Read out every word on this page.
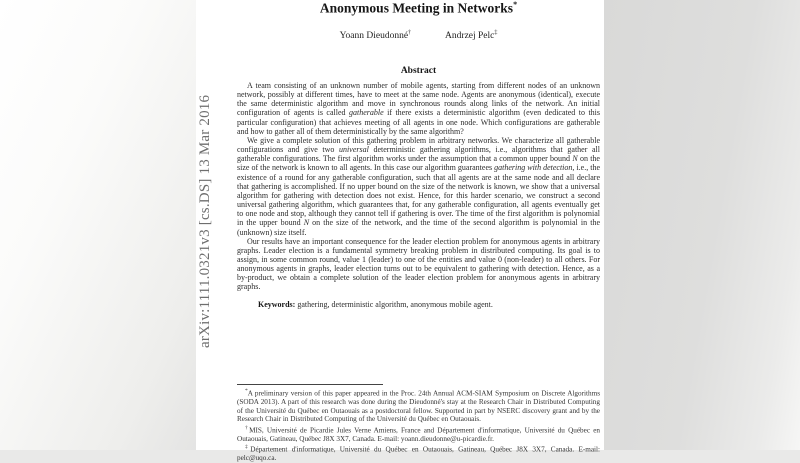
arXiv:1111.0321v3 [cs.DS] 13 Mar 2016
Anonymous Meeting in Networks*
Yoann Dieudonné†	Andrzej Pelc‡
Abstract

A team consisting of an unknown number of mobile agents, starting from different nodes of an unknown network, possibly at different times, have to meet at the same node. Agents are anonymous (identical), execute the same deterministic algorithm and move in synchronous rounds along links of the network. An initial configuration of agents is called gatherable if there exists a deterministic algorithm (even dedicated to this particular configuration) that achieves meeting of all agents in one node. Which configurations are gatherable and how to gather all of them deterministically by the same algorithm?

We give a complete solution of this gathering problem in arbitrary networks. We characterize all gatherable configurations and give two universal deterministic gathering algorithms, i.e., algorithms that gather all gatherable configurations. The first algorithm works under the assumption that a common upper bound N on the size of the network is known to all agents. In this case our algorithm guarantees gathering with detection, i.e., the existence of a round for any gatherable configuration, such that all agents are at the same node and all declare that gathering is accomplished. If no upper bound on the size of the network is known, we show that a universal algorithm for gathering with detection does not exist. Hence, for this harder scenario, we construct a second universal gathering algorithm, which guarantees that, for any gatherable configuration, all agents eventually get to one node and stop, although they cannot tell if gathering is over. The time of the first algorithm is polynomial in the upper bound N on the size of the network, and the time of the second algorithm is polynomial in the (unknown) size itself.

Our results have an important consequence for the leader election problem for anonymous agents in arbitrary graphs. Leader election is a fundamental symmetry breaking problem in distributed computing. Its goal is to assign, in some common round, value 1 (leader) to one of the entities and value 0 (non-leader) to all others. For anonymous agents in graphs, leader election turns out to be equivalent to gathering with detection. Hence, as a by-product, we obtain a complete solution of the leader election problem for anonymous agents in arbitrary graphs.

Keywords: gathering, deterministic algorithm, anonymous mobile agent.

*A preliminary version of this paper appeared in the Proc. 24th Annual ACM-SIAM Symposium on Discrete Algorithms (SODA 2013). A part of this research was done during the Dieudonné's stay at the Research Chair in Distributed Computing of the Université du Québec en Outaouais as a postdoctoral fellow. Supported in part by NSERC discovery grant and by the Research Chair in Distributed Computing of the Université du Québec en Outaouais.

†MIS, Université de Picardie Jules Verne Amiens, France and Département d'informatique, Université du Québec en Outaouais, Gatineau, Québec J8X 3X7, Canada. E-mail: yoann.dieudonne@u-picardie.fr.

‡Département d'informatique, Université du Québec en Outaouais, Gatineau, Québec J8X 3X7, Canada. E-mail: pelc@uqo.ca.
